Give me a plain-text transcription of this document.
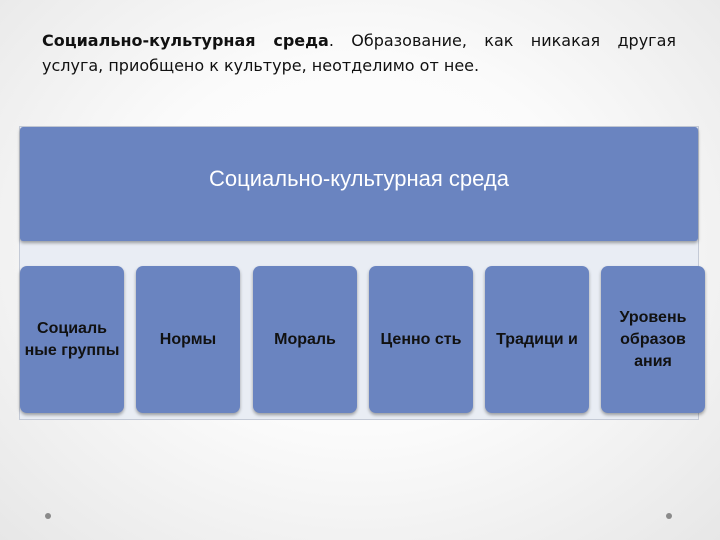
Социально-культурная среда. Образование, как никакая другая услуга, приобщено к культуре, неотделимо от нее.
Социально-культурная среда
Социаль ные группы
Нормы	Мораль	Ценно сть Традици и
Уровень образов ания
